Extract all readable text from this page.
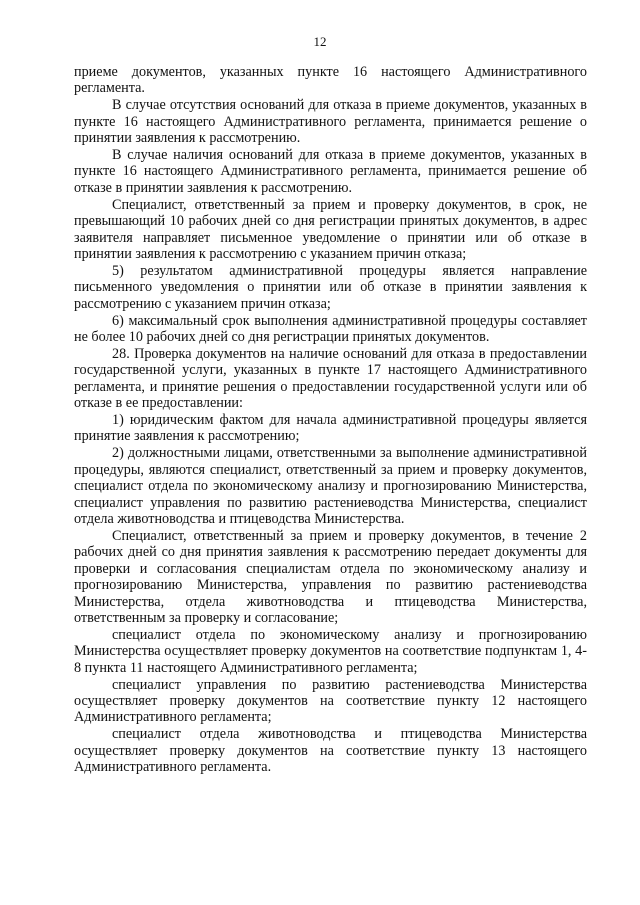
12

приеме документов, указанных пункте 16 настоящего Административного регламента.

В случае отсутствия оснований для отказа в приеме документов, указанных в пункте 16 настоящего Административного регламента, принимается решение о принятии заявления к рассмотрению.

В случае наличия оснований для отказа в приеме документов, указанных в пункте 16 настоящего Административного регламента, принимается решение об отказе в принятии заявления к рассмотрению.

Специалист, ответственный за прием и проверку документов, в срок, не превышающий 10 рабочих дней со дня регистрации принятых документов, в адрес заявителя направляет письменное уведомление о принятии или об отказе в принятии заявления к рассмотрению с указанием причин отказа;

5) результатом административной процедуры является направление письменного уведомления о принятии или об отказе в принятии заявления к рассмотрению с указанием причин отказа;

6) максимальный срок выполнения административной процедуры составляет не более 10 рабочих дней со дня регистрации принятых документов.

28. Проверка документов на наличие оснований для отказа в предоставлении государственной услуги, указанных в пункте 17 настоящего Административного регламента, и принятие решения о предоставлении государственной услуги или об отказе в ее предоставлении:

1) юридическим фактом для начала административной процедуры является принятие заявления к рассмотрению;

2) должностными лицами, ответственными за выполнение административной процедуры, являются специалист, ответственный за прием и проверку документов, специалист отдела по экономическому анализу и прогнозированию Министерства, специалист управления по развитию растениеводства Министерства, специалист отдела животноводства и птицеводства Министерства.

Специалист, ответственный за прием и проверку документов, в течение 2 рабочих дней со дня принятия заявления к рассмотрению передает документы для проверки и согласования специалистам отдела по экономическому анализу и прогнозированию Министерства, управления по развитию растениеводства Министерства, отдела животноводства и птицеводства Министерства, ответственным за проверку и согласование;

специалист отдела по экономическому анализу и прогнозированию Министерства осуществляет проверку документов на соответствие подпунктам 1, 4-8 пункта 11 настоящего Административного регламента;

специалист управления по развитию растениеводства Министерства осуществляет проверку документов на соответствие пункту 12 настоящего Административного регламента;

специалист отдела животноводства и птицеводства Министерства осуществляет проверку документов на соответствие пункту 13 настоящего Административного регламента.
